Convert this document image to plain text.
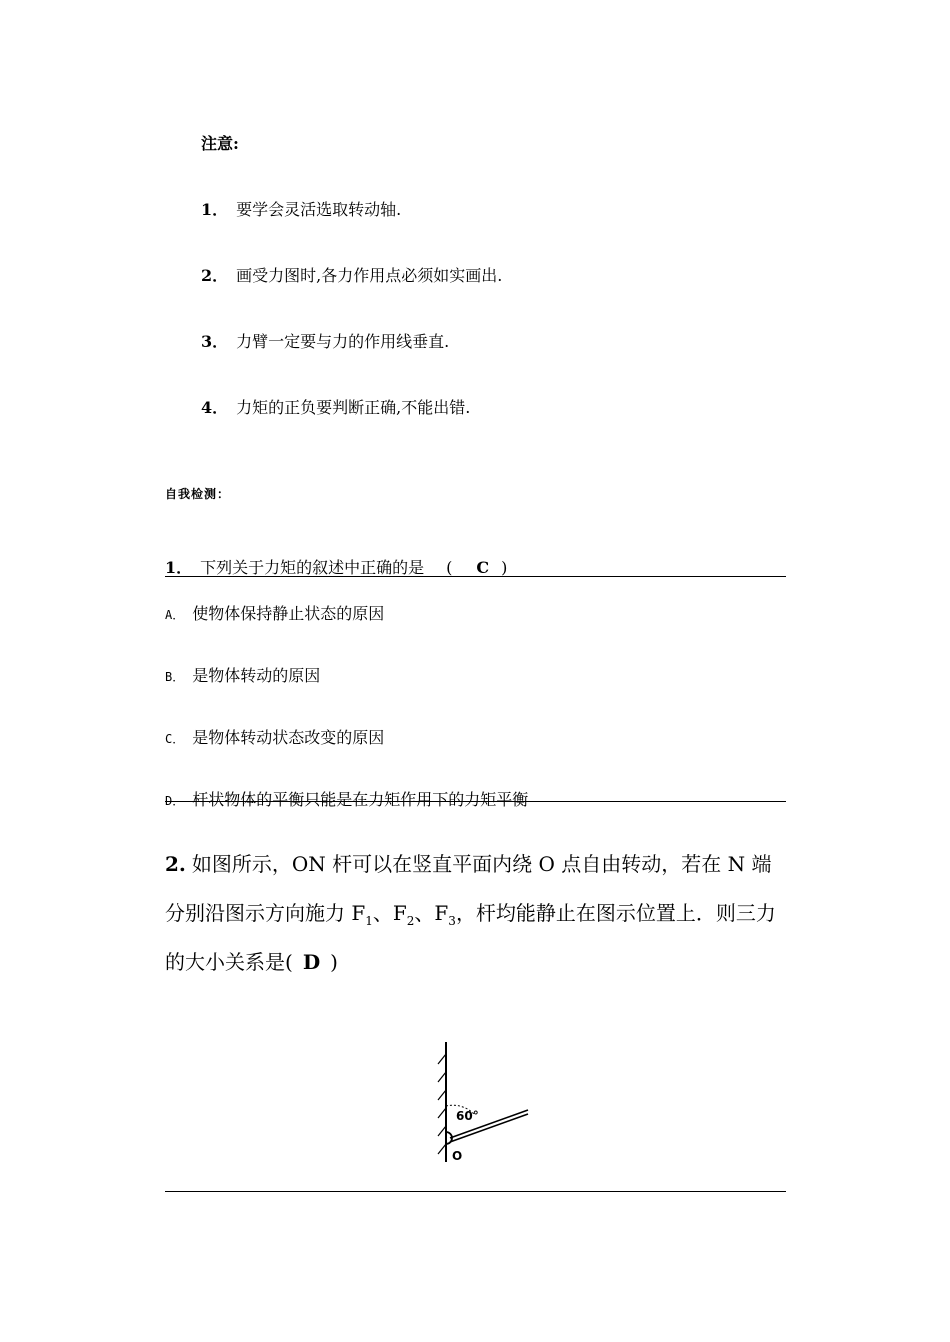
注意:
1． 要学会灵活选取转动轴.
2． 画受力图时,各力作用点必须如实画出.
3． 力臂一定要与力的作用线垂直.
4． 力矩的正负要判断正确,不能出错.
自我检测：
1． 下列关于力矩的叙述中正确的是 ( C )
A． 使物体保持静止状态的原因
B． 是物体转动的原因
C． 是物体转动状态改变的原因
D． 杆状物体的平衡只能是在力矩作用下的力矩平衡
2. 如图所示，ON 杆可以在竖直平面内绕 O 点自由转动，若在 N 端
分别沿图示方向施力 $F_1$、$F_2$、$F_3$，杆均能静止在图示位置上．则三力
的大小关系是( D )
60°
O
